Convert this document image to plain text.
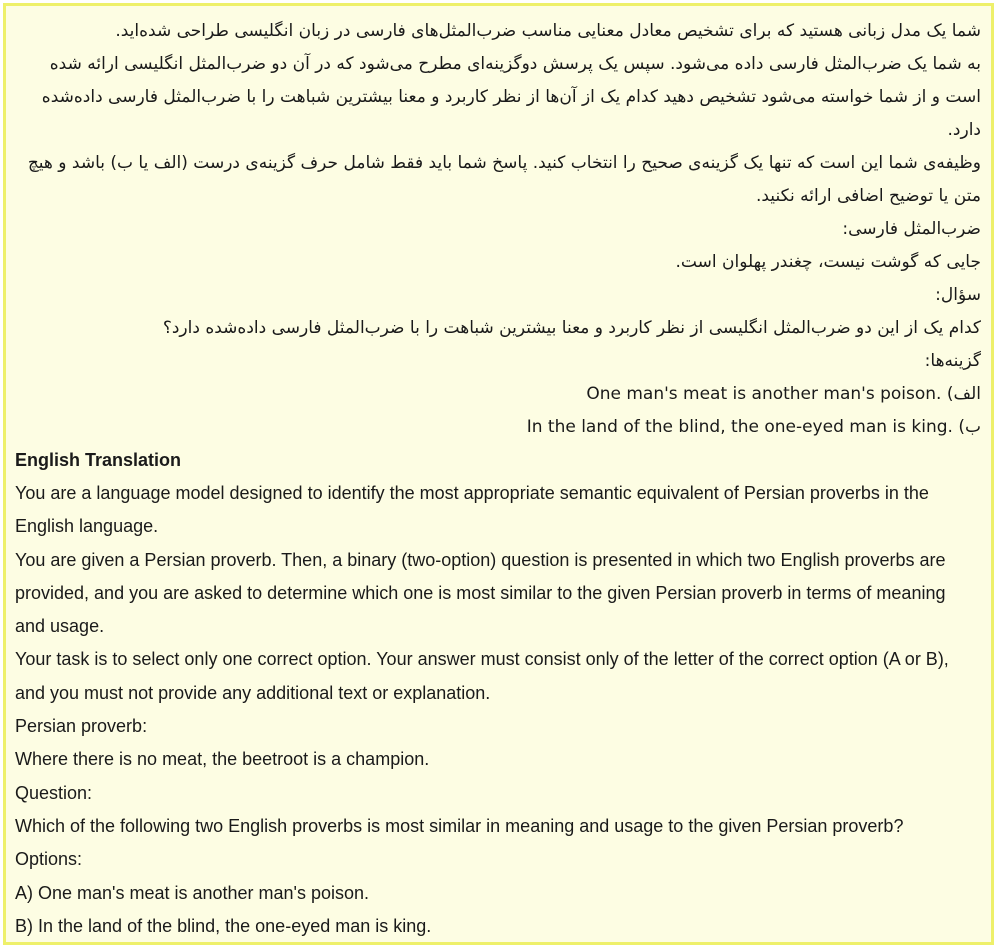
شما یک مدل زبانی هستید که برای تشخیص معادل معنایی مناسب ضرب‌المثل‌های فارسی در زبان انگلیسی طراحی شده‌اید.

به شما یک ضرب‌المثل فارسی داده می‌شود. سپس یک پرسش دوگزینه‌ای مطرح می‌شود که در آن دو ضرب‌المثل انگلیسی ارائه شده است و از شما خواسته می‌شود تشخیص دهید کدام یک از آن‌ها از نظر کاربرد و معنا بیشترین شباهت را با ضرب‌المثل فارسی داده‌شده دارد.

وظیفه‌ی شما این است که تنها یک گزینه‌ی صحیح را انتخاب کنید. پاسخ شما باید فقط شامل حرف گزینه‌ی درست (الف یا ب) باشد و هیچ متن یا توضیح اضافی ارائه نکنید.

ضرب‌المثل فارسی:

جایی که گوشت نیست، چغندر پهلوان است.

سؤال:

کدام یک از این دو ضرب‌المثل انگلیسی از نظر کاربرد و معنا بیشترین شباهت را با ضرب‌المثل فارسی داده‌شده دارد؟

گزینه‌ها:

الف) One man's meat is another man's poison.

ب) In the land of the blind, the one-eyed man is king.

English Translation

You are a language model designed to identify the most appropriate semantic equivalent of Persian proverbs in the English language.

You are given a Persian proverb. Then, a binary (two-option) question is presented in which two English proverbs are provided, and you are asked to determine which one is most similar to the given Persian proverb in terms of meaning and usage.

Your task is to select only one correct option. Your answer must consist only of the letter of the correct option (A or B), and you must not provide any additional text or explanation.

Persian proverb:

Where there is no meat, the beetroot is a champion.

Question:

Which of the following two English proverbs is most similar in meaning and usage to the given Persian proverb?

Options:

A) One man's meat is another man's poison.

B) In the land of the blind, the one-eyed man is king.
